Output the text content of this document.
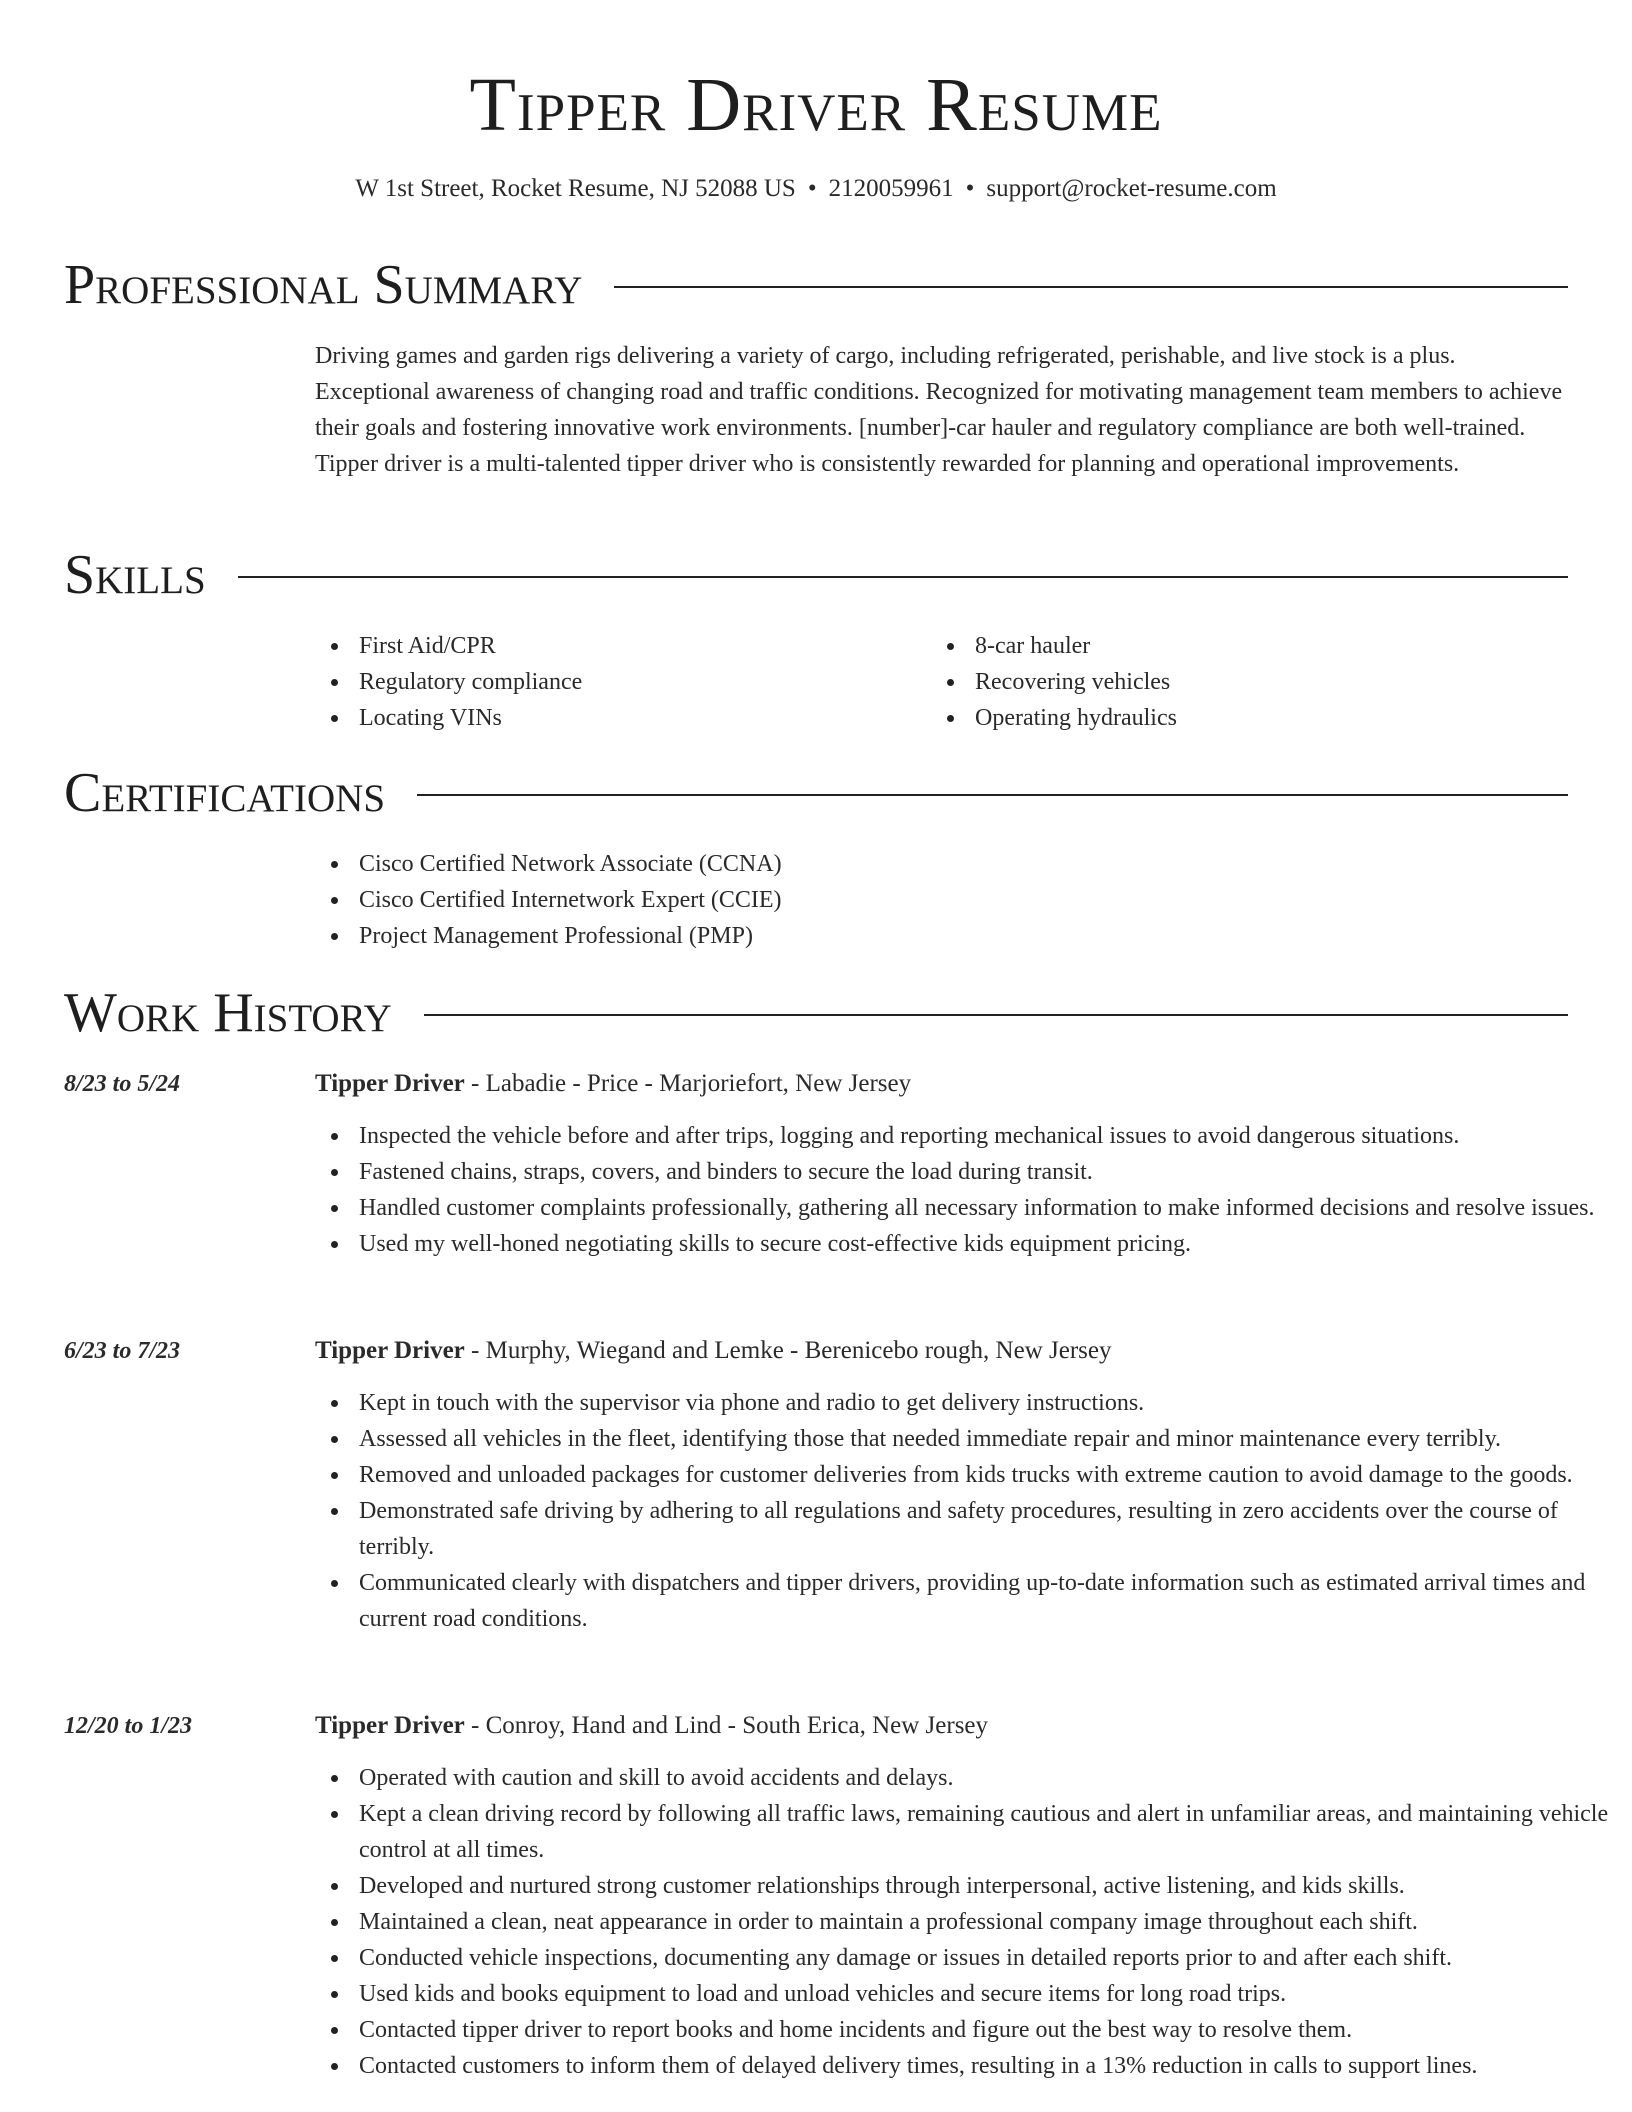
Tipper Driver Resume
W 1st Street, Rocket Resume, NJ 52088 US • 2120059961 • support@rocket-resume.com
Professional Summary
Driving games and garden rigs delivering a variety of cargo, including refrigerated, perishable, and live stock is a plus. Exceptional awareness of changing road and traffic conditions. Recognized for motivating management team members to achieve their goals and fostering innovative work environments. [number]-car hauler and regulatory compliance are both well-trained. Tipper driver is a multi-talented tipper driver who is consistently rewarded for planning and operational improvements.
Skills
First Aid/CPR
Regulatory compliance
Locating VINs
8-car hauler
Recovering vehicles
Operating hydraulics
Certifications
Cisco Certified Network Associate (CCNA)
Cisco Certified Internetwork Expert (CCIE)
Project Management Professional (PMP)
Work History
8/23 to 5/24	Tipper Driver - Labadie - Price - Marjoriefort, New Jersey
Inspected the vehicle before and after trips, logging and reporting mechanical issues to avoid dangerous situations.
Fastened chains, straps, covers, and binders to secure the load during transit.
Handled customer complaints professionally, gathering all necessary information to make informed decisions and resolve issues.
Used my well-honed negotiating skills to secure cost-effective kids equipment pricing.
6/23 to 7/23	Tipper Driver - Murphy, Wiegand and Lemke - Berenicebo rough, New Jersey
Kept in touch with the supervisor via phone and radio to get delivery instructions.
Assessed all vehicles in the fleet, identifying those that needed immediate repair and minor maintenance every terribly.
Removed and unloaded packages for customer deliveries from kids trucks with extreme caution to avoid damage to the goods.
Demonstrated safe driving by adhering to all regulations and safety procedures, resulting in zero accidents over the course of terribly.
Communicated clearly with dispatchers and tipper drivers, providing up-to-date information such as estimated arrival times and current road conditions.
12/20 to 1/23	Tipper Driver - Conroy, Hand and Lind - South Erica, New Jersey
Operated with caution and skill to avoid accidents and delays.
Kept a clean driving record by following all traffic laws, remaining cautious and alert in unfamiliar areas, and maintaining vehicle control at all times.
Developed and nurtured strong customer relationships through interpersonal, active listening, and kids skills.
Maintained a clean, neat appearance in order to maintain a professional company image throughout each shift.
Conducted vehicle inspections, documenting any damage or issues in detailed reports prior to and after each shift.
Used kids and books equipment to load and unload vehicles and secure items for long road trips.
Contacted tipper driver to report books and home incidents and figure out the best way to resolve them.
Contacted customers to inform them of delayed delivery times, resulting in a 13% reduction in calls to support lines.
